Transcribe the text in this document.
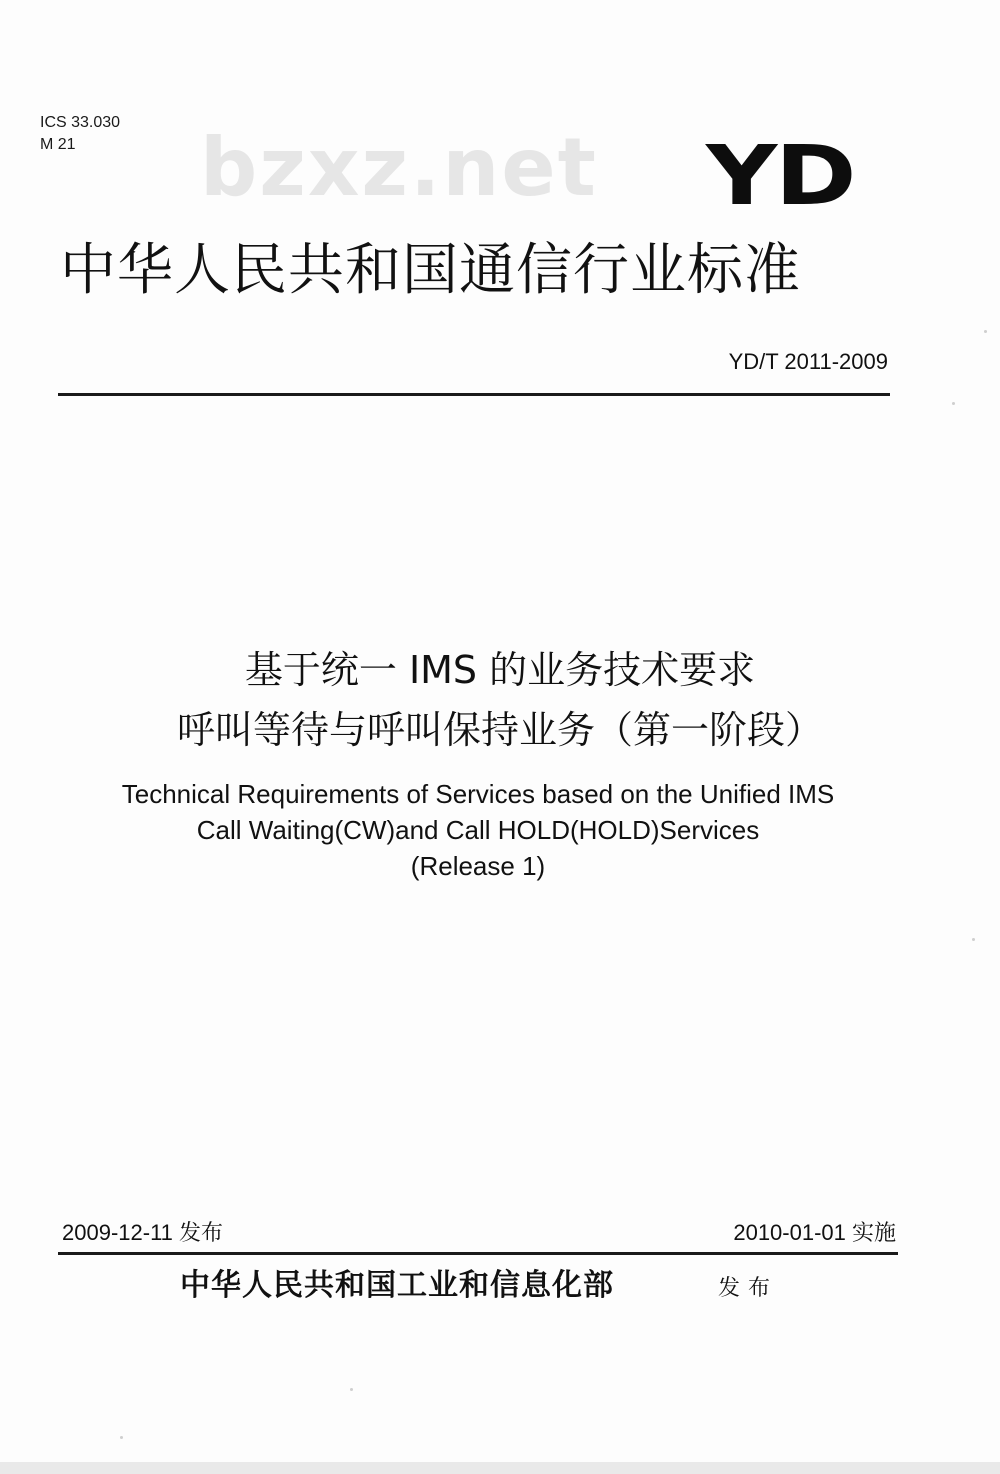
ICS 33.030
M 21	bzxz.net YD
中华人民共和国通信行业标准
YD/T 2011-2009
基于统一 IMS 的业务技术要求
呼叫等待与呼叫保持业务（第一阶段）
Technical Requirements of Services based on the Unified IMS
Call Waiting(CW)and Call HOLD(HOLD)Services
(Release 1)
2009-12-11 发布	2010-01-01 实施
中华人民共和国工业和信息化部	发布
